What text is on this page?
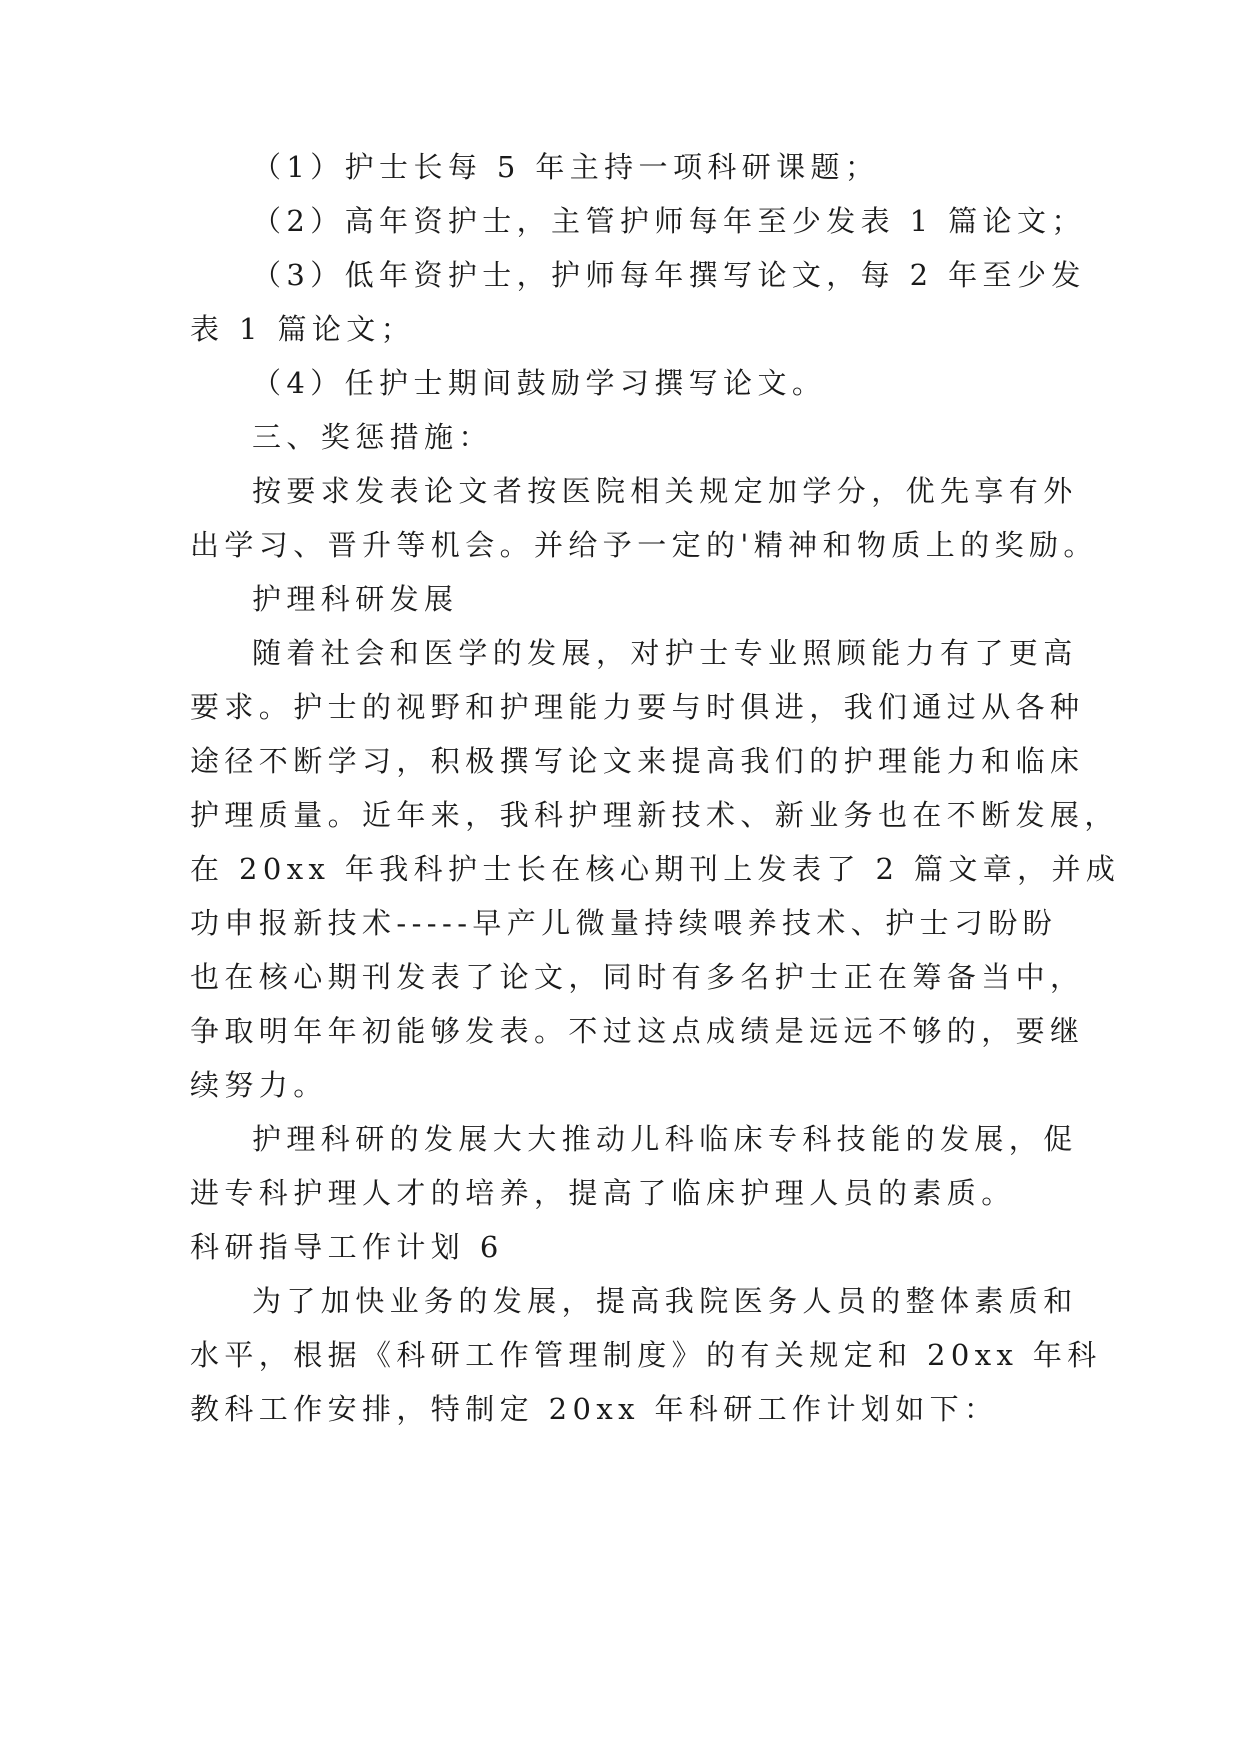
（1）护士长每 5 年主持一项科研课题；
（2）高年资护士，主管护师每年至少发表 1 篇论文；
（3）低年资护士，护师每年撰写论文，每 2 年至少发
表 1 篇论文；
（4）任护士期间鼓励学习撰写论文。
三、奖惩措施：
按要求发表论文者按医院相关规定加学分，优先享有外
出学习、晋升等机会。并给予一定的'精神和物质上的奖励。
护理科研发展
随着社会和医学的发展，对护士专业照顾能力有了更高
要求。护士的视野和护理能力要与时俱进，我们通过从各种
途径不断学习，积极撰写论文来提高我们的护理能力和临床
护理质量。近年来，我科护理新技术、新业务也在不断发展，
在 20xx 年我科护士长在核心期刊上发表了 2 篇文章，并成
功申报新技术-----早产儿微量持续喂养技术、护士刁盼盼
也在核心期刊发表了论文，同时有多名护士正在筹备当中，
争取明年年初能够发表。不过这点成绩是远远不够的，要继
续努力。
护理科研的发展大大推动儿科临床专科技能的发展，促
进专科护理人才的培养，提高了临床护理人员的素质。
科研指导工作计划 6
为了加快业务的发展，提高我院医务人员的整体素质和
水平，根据《科研工作管理制度》的有关规定和 20xx 年科
教科工作安排，特制定 20xx 年科研工作计划如下：
